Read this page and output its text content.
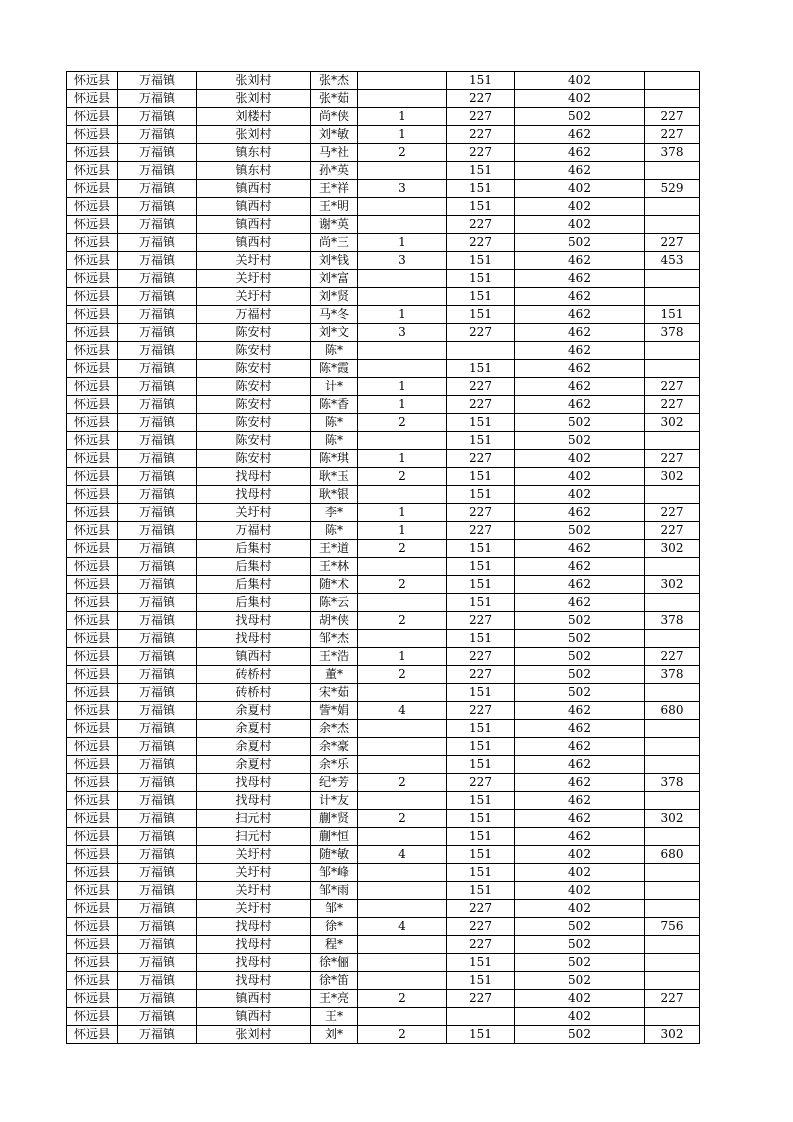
怀远县	万福镇	张刘村	张*杰		151	402	
怀远县	万福镇	张刘村	张*茹		227	402	
怀远县	万福镇	刘楼村	尚*侠	1	227	502	227
怀远县	万福镇	张刘村	刘*敏	1	227	462	227
怀远县	万福镇	镇东村	马*社	2	227	462	378
怀远县	万福镇	镇东村	孙*英		151	462	
怀远县	万福镇	镇西村	王*祥	3	151	402	529
怀远县	万福镇	镇西村	王*明		151	402	
怀远县	万福镇	镇西村	谢*英		227	402	
怀远县	万福镇	镇西村	尚*三	1	227	502	227
怀远县	万福镇	关圩村	刘*钱	3	151	462	453
怀远县	万福镇	关圩村	刘*富		151	462	
怀远县	万福镇	关圩村	刘*贤		151	462	
怀远县	万福镇	万福村	马*冬	1	151	462	151
怀远县	万福镇	陈安村	刘*文	3	227	462	378
怀远县	万福镇	陈安村	陈*			462	
怀远县	万福镇	陈安村	陈*霞		151	462	
怀远县	万福镇	陈安村	计*	1	227	462	227
怀远县	万福镇	陈安村	陈*香	1	227	462	227
怀远县	万福镇	陈安村	陈*	2	151	502	302
怀远县	万福镇	陈安村	陈*		151	502	
怀远县	万福镇	陈安村	陈*琪	1	227	402	227
怀远县	万福镇	找母村	耿*玉	2	151	402	302
怀远县	万福镇	找母村	耿*银		151	402	
怀远县	万福镇	关圩村	李*	1	227	462	227
怀远县	万福镇	万福村	陈*	1	227	502	227
怀远县	万福镇	后集村	王*道	2	151	462	302
怀远县	万福镇	后集村	王*林		151	462	
怀远县	万福镇	后集村	随*术	2	151	462	302
怀远县	万福镇	后集村	陈*云		151	462	
怀远县	万福镇	找母村	胡*侠	2	227	502	378
怀远县	万福镇	找母村	邹*杰		151	502	
怀远县	万福镇	镇西村	王*浩	1	227	502	227
怀远县	万福镇	砖桥村	董*	2	227	502	378
怀远县	万福镇	砖桥村	宋*茹		151	502	
怀远县	万福镇	余夏村	訾*娟	4	227	462	680
怀远县	万福镇	余夏村	余*杰		151	462	
怀远县	万福镇	余夏村	余*豪		151	462	
怀远县	万福镇	余夏村	余*乐		151	462	
怀远县	万福镇	找母村	纪*芳	2	227	462	378
怀远县	万福镇	找母村	计*友		151	462	
怀远县	万福镇	扫元村	蒯*贤	2	151	462	302
怀远县	万福镇	扫元村	蒯*恒		151	462	
怀远县	万福镇	关圩村	随*敏	4	151	402	680
怀远县	万福镇	关圩村	邹*峰		151	402	
怀远县	万福镇	关圩村	邹*雨		151	402	
怀远县	万福镇	关圩村	邹*		227	402	
怀远县	万福镇	找母村	徐*	4	227	502	756
怀远县	万福镇	找母村	程*		227	502	
怀远县	万福镇	找母村	徐*俪		151	502	
怀远县	万福镇	找母村	徐*笛		151	502	
怀远县	万福镇	镇西村	王*亮	2	227	402	227
怀远县	万福镇	镇西村	王*			402	
怀远县	万福镇	张刘村	刘*	2	151	502	302
